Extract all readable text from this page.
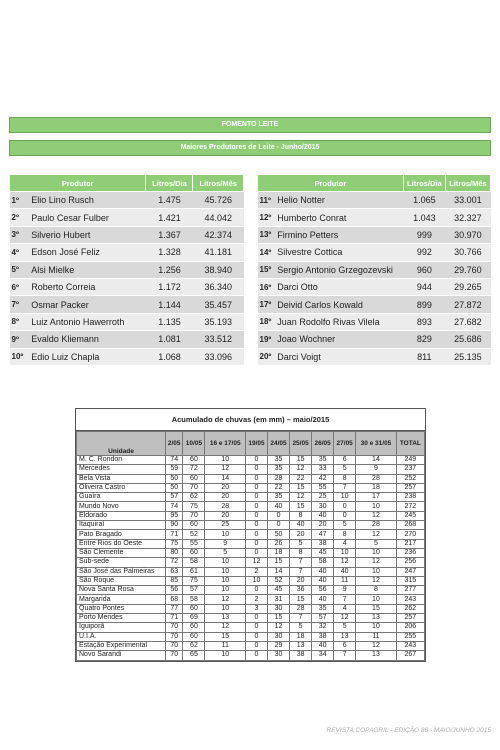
FOMENTO LEITE
Maiores Produtores de Leite - Junho/2015
Produtor		Litros/Dia	Litros/Mês
1º	Elio Lino Rusch	1.475	45.726
2º	Paulo Cesar Fulber	1.421	44.042
3º	Silverio Hubert	1.367	42.374
4º	Edson José Feliz	1.328	41.181
5º	Alsi Mielke	1.256	38.940
6º	Roberto Correia	1.172	36.340
7º	Osmar Packer	1.144	35.457
8º	Luiz Antonio Hawerroth	1.135	35.193
9º	Evaldo Kliemann	1.081	33.512
10º	Edio Luiz Chapla	1.068	33.096
Produtor		Litros/Dia	Litros/Mês
11º	Helio Notter	1.065	33.001
12º	Humberto Conrat	1.043	32.327
13º	Firmino Petters	999	30.970
14º	Silvestre Cottica	992	30.766
15º	Sergio Antonio Grzegozevski	960	29.760
16º	Darci Otto	944	29.265
17º	Deivid Carlos Kowald	899	27.872
18º	Juan Rodolfo Rivas Vilela	893	27.682
19º	Joao Wochner	829	25.686
20º	Darci Voigt	811	25.135
Acumulado de chuvas (em mm) – maio/2015
Unidade	2/05	10/05	16 e 17/05	19/05	24/05	25/05	26/05	27/05	30 e 31/05	TOTAL
M. C. Rondon	74	60	10	0	35	15	35	6	14	249
Mercedes	59	72	12	0	35	12	33	5	9	237
Bela Vista	50	60	14	0	28	22	42	8	28	252
Oliveira Castro	50	70	20	0	22	15	55	7	18	257
Guaíra	57	62	20	0	35	12	25	10	17	238
Mundo Novo	74	75	28	0	40	15	30	0	10	272
Eldorado	95	70	20	0	0	8	40	0	12	245
Itaquiraí	90	60	25	0	0	40	20	5	28	268
Pato Bragado	71	52	10	0	50	20	47	8	12	270
Entre Rios do Oeste	75	55	9	0	26	5	38	4	5	217
São Clemente	80	60	5	0	18	8	45	10	10	236
Sub-sede	72	58	10	12	15	7	58	12	12	256
São José das Palmeiras	63	61	10	2	14	7	40	40	10	247
São Roque	85	75	10	10	52	20	40	11	12	315
Nova Santa Rosa	56	57	10	0	45	36	56	9	8	277
Margarida	68	58	12	2	31	15	40	7	10	243
Quatro Pontes	77	60	10	3	30	28	35	4	15	262
Porto Mendes	71	69	13	0	15	7	57	12	13	257
Iguiporã	70	60	12	0	12	5	32	5	10	206
U.I.A.	70	60	15	0	30	18	38	13	11	255
Estação Experimental	70	62	11	0	29	13	40	6	12	243
Novo Sarandi	70	65	10	0	30	38	34	7	13	267
REVISTA COPAGRIL - EDIÇÃO 86 - MAIO/JUNHO 2015
